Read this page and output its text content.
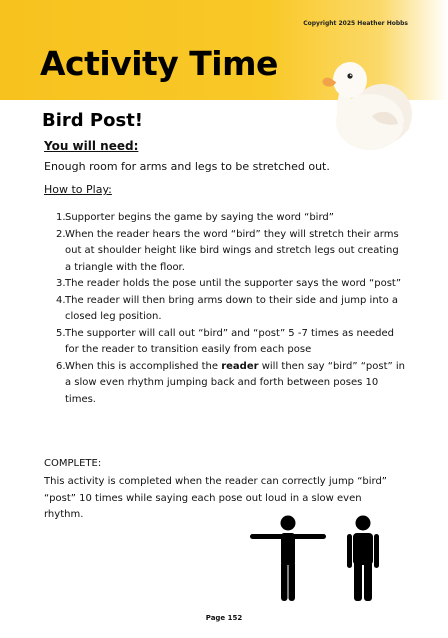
Copyright 2025 Heather Hobbs
Activity Time
Bird Post!
You will need:
Enough room for arms and legs to be stretched out.
How to Play:
1. Supporter begins the game by saying the word “bird”
2. When the reader hears the word “bird” they will stretch their arms out at shoulder height like bird wings and stretch legs out creating a triangle with the floor.
3. The reader holds the pose until the supporter says the word “post”
4. The reader will then bring arms down to their side and jump into a closed leg position.
5. The supporter will call out “bird” and “post” 5 -7 times as needed for the reader to transition easily from each pose
6. When this is accomplished the reader will then say “bird” “post” in a slow even rhythm jumping back and forth between poses 10 times.
COMPLETE:
This activity is completed when the reader can correctly jump “bird” “post” 10 times while saying each pose out loud in a slow even rhythm.
Page 152
